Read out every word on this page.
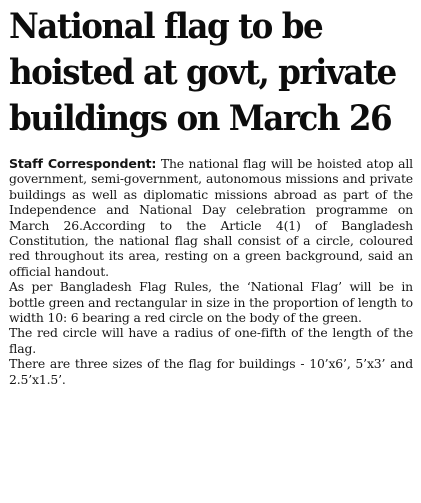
National flag to be
hoisted at govt, private
buildings on March 26

Staff Correspondent: The national flag will be hoisted atop all government, semi-government, autonomous missions and private buildings as well as diplomatic missions abroad as part of the Independence and National Day celebration programme on March 26.According to the Article 4(1) of Bangladesh Constitution, the national flag shall consist of a circle, coloured red throughout its area, resting on a green background, said an official handout.

As per Bangladesh Flag Rules, the ‘National Flag’ will be in bottle green and rectangular in size in the proportion of length to width 10: 6 bearing a red circle on the body of the green.

The red circle will have a radius of one-fifth of the length of the flag.

There are three sizes of the flag for buildings - 10’x6’, 5’x3’ and 2.5’x1.5’.
